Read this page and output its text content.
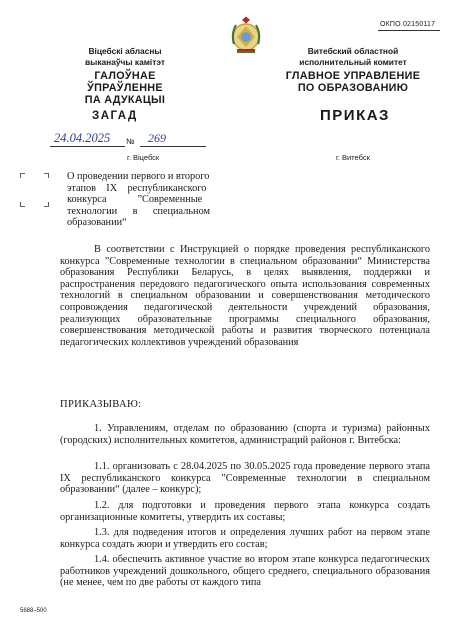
ОКПО 02150117
Віцебскі абласны
выканаўчы камітэт
ГАЛОЎНАЕ ЎПРАЎЛЕННЕ
ПА АДУКАЦЫІ
Витебский областной
исполнительный комитет
ГЛАВНОЕ УПРАВЛЕНИЕ
ПО ОБРАЗОВАНИЮ
ЗАГАД	ПРИКАЗ
24.04.2025 № 269
г. Віцебск	г. Витебск
О проведении первого и второго
этапов    IX    республиканского
конкурса            ”Современные
технологии      в      специальном
образовании“
В соответствии с Инструкцией о порядке проведения республиканского конкурса ”Современные технологии в специальном образовании“ Министерства образования Республики Беларусь, в целях выявления, поддержки и распространения передового педагогического опыта использования современных технологий в специальном образовании и совершенствования методического сопровождения педагогической деятельности учреждений образования, реализующих образовательные программы специального образования, совершенствования методической работы и развития творческого потенциала педагогических коллективов учреждений образования
ПРИКАЗЫВАЮ:
1. Управлениям, отделам по образованию (спорта и туризма) районных (городских) исполнительных комитетов, администраций районов г. Витебска:
1.1. организовать с 28.04.2025 по 30.05.2025 года проведение первого этапа IX республиканского конкурса ”Современные технологии в специальном образовании“ (далее – конкурс);
1.2. для подготовки и проведения первого этапа конкурса создать организационные комитеты, утвердить их составы;
1.3. для подведения итогов и определения лучших работ на первом этапе конкурса создать жюри и утвердить его состав;
1.4. обеспечить активное участие во втором этапе конкурса педагогических работников учреждений дошкольного, общего среднего, специального образования (не менее, чем по две работы от каждого типа
5688–500
